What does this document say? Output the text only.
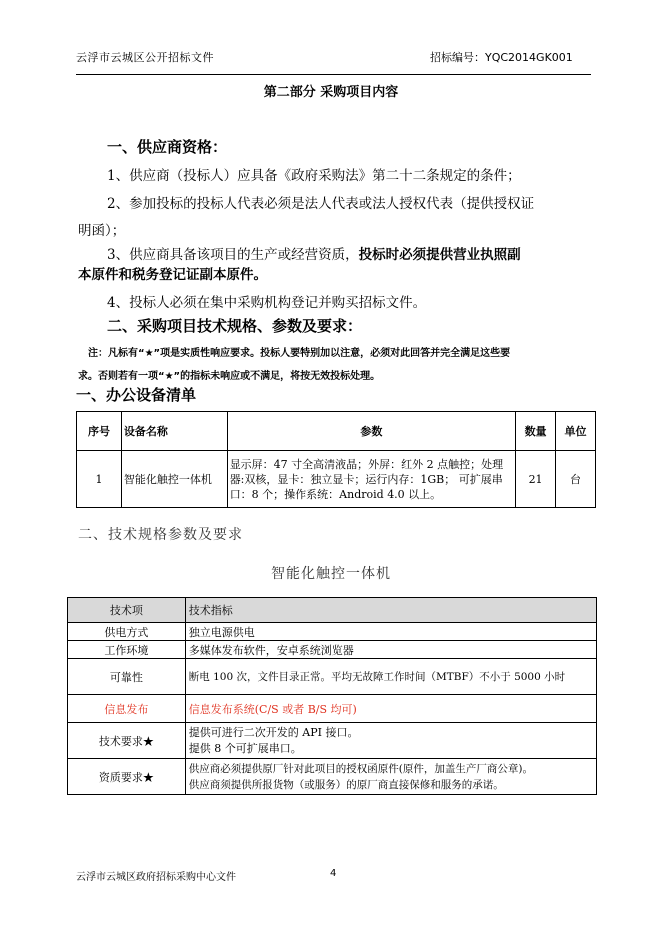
云浮市云城区公开招标文件	招标编号：YQC2014GK001
第二部分 采购项目内容
一、供应商资格：
1、供应商（投标人）应具备《政府采购法》第二十二条规定的条件；
2、参加投标的投标人代表必须是法人代表或法人授权代表（提供授权证
明函）；
3、供应商具备该项目的生产或经营资质，投标时必须提供营业执照副
本原件和税务登记证副本原件。
4、投标人必须在集中采购机构登记并购买招标文件。
二、采购项目技术规格、参数及要求：
注：凡标有“★”项是实质性响应要求。投标人要特别加以注意，必须对此回答并完全满足这些要
求。否则若有一项“★”的指标未响应或不满足，将按无效投标处理。
一、办公设备清单
序号	设备名称	参数	数量	单位
1	智能化触控一体机	显示屏：47 寸全高清液晶；外屏：红外 2 点触控；处理器:双核，显卡：独立显卡；运行内存：1GB； 可扩展串口：8 个；操作系统：Android 4.0 以上。	21	台
二、技术规格参数及要求
智能化触控一体机
技术项	技术指标
供电方式	独立电源供电
工作环境	多媒体发布软件，安卓系统浏览器
可靠性	断电 100 次，文件目录正常。平均无故障工作时间（MTBF）不小于 5000 小时
信息发布	信息发布系统(C/S 或者 B/S 均可)
技术要求★	提供可进行二次开发的 API 接口。
提供 8 个可扩展串口。

资质要求★	供应商必须提供原厂针对此项目的授权函原件(原件，加盖生产厂商公章)。
供应商须提供所报货物（或服务）的原厂商直接保修和服务的承诺。
云浮市云城区政府招标采购中心文件	4
